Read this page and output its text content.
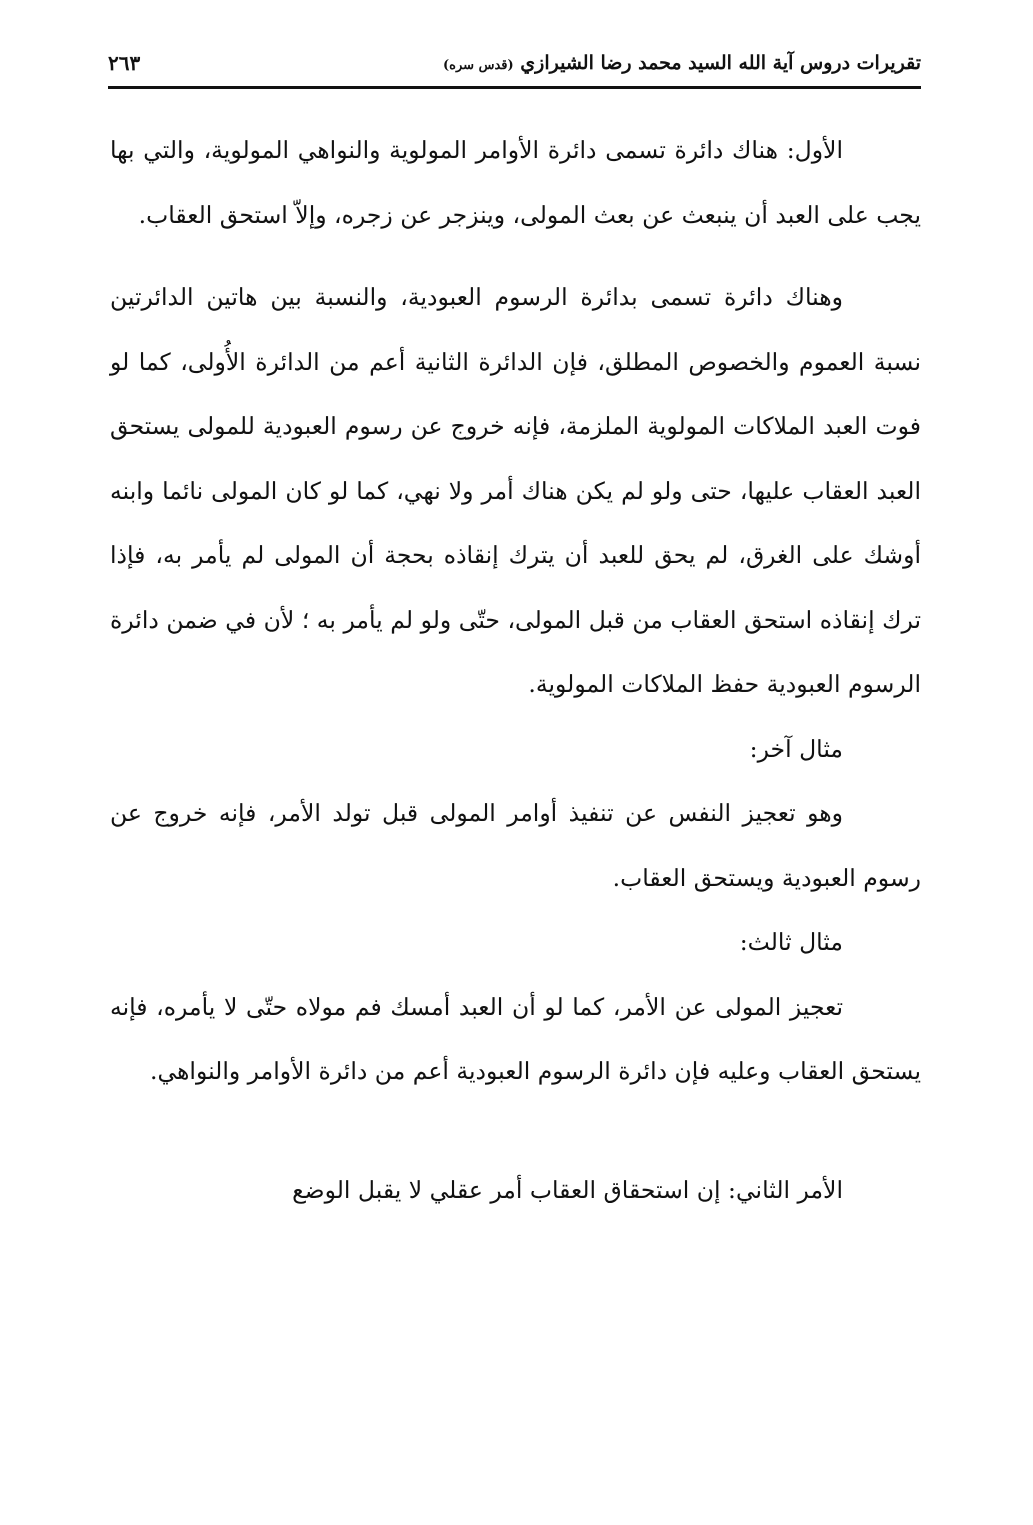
تقريرات دروس آية الله السيد محمد رضا الشيرازي (قدس سره)
٢٦٣

الأول: هناك دائرة تسمى دائرة الأوامر المولوية والنواهي المولوية، والتي بها يجب على العبد أن ينبعث عن بعث المولى، وينزجر عن زجره، وإلاّ استحق العقاب.

وهناك دائرة تسمى بدائرة الرسوم العبودية، والنسبة بين هاتين الدائرتين نسبة العموم والخصوص المطلق، فإن الدائرة الثانية أعم من الدائرة الأُولى، كما لو فوت العبد الملاكات المولوية الملزمة، فإنه خروج عن رسوم العبودية للمولى يستحق العبد العقاب عليها، حتى ولو لم يكن هناك أمر ولا نهي، كما لو كان المولى نائما وابنه أوشك على الغرق، لم يحق للعبد أن يترك إنقاذه بحجة أن المولى لم يأمر به، فإذا ترك إنقاذه استحق العقاب من قبل المولى، حتّى ولو لم يأمر به ؛ لأن في ضمن دائرة الرسوم العبودية حفظ الملاكات المولوية.

مثال آخر:

وهو تعجيز النفس عن تنفيذ أوامر المولى قبل تولد الأمر، فإنه خروج عن رسوم العبودية ويستحق العقاب.

مثال ثالث:

تعجيز المولى عن الأمر، كما لو أن العبد أمسك فم مولاه حتّى لا يأمره، فإنه يستحق العقاب وعليه فإن دائرة الرسوم العبودية أعم من دائرة الأوامر والنواهي.

الأمر الثاني: إن استحقاق العقاب أمر عقلي لا يقبل الوضع
